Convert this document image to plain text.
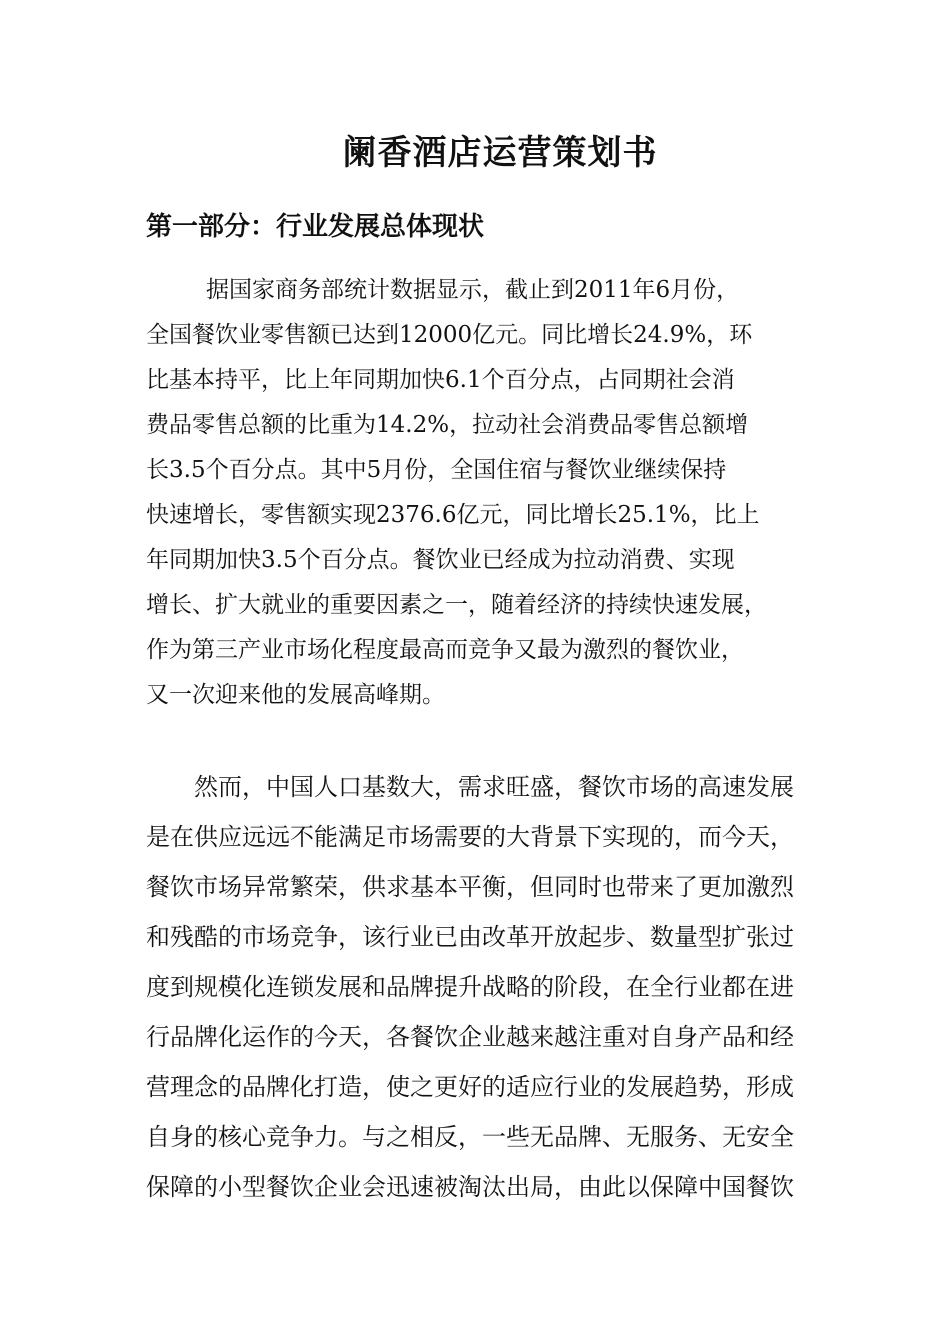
阑香酒店运营策划书
第一部分：行业发展总体现状

据国家商务部统计数据显示，截止到2011年6月份，
全国餐饮业零售额已达到12000亿元。同比增长24.9%，环
比基本持平，比上年同期加快6.1个百分点，占同期社会消
费品零售总额的比重为14.2%，拉动社会消费品零售总额增
长3.5个百分点。其中5月份，全国住宿与餐饮业继续保持
快速增长，零售额实现2376.6亿元，同比增长25.1%，比上
年同期加快3.5个百分点。餐饮业已经成为拉动消费、实现
增长、扩大就业的重要因素之一，随着经济的持续快速发展，
作为第三产业市场化程度最高而竞争又最为激烈的餐饮业，
又一次迎来他的发展高峰期。

然而，中国人口基数大，需求旺盛，餐饮市场的高速发展
是在供应远远不能满足市场需要的大背景下实现的，而今天，
餐饮市场异常繁荣，供求基本平衡，但同时也带来了更加激烈
和残酷的市场竞争，该行业已由改革开放起步、数量型扩张过
度到规模化连锁发展和品牌提升战略的阶段，在全行业都在进
行品牌化运作的今天，各餐饮企业越来越注重对自身产品和经
营理念的品牌化打造，使之更好的适应行业的发展趋势，形成
自身的核心竞争力。与之相反，一些无品牌、无服务、无安全
保障的小型餐饮企业会迅速被淘汰出局，由此以保障中国餐饮
